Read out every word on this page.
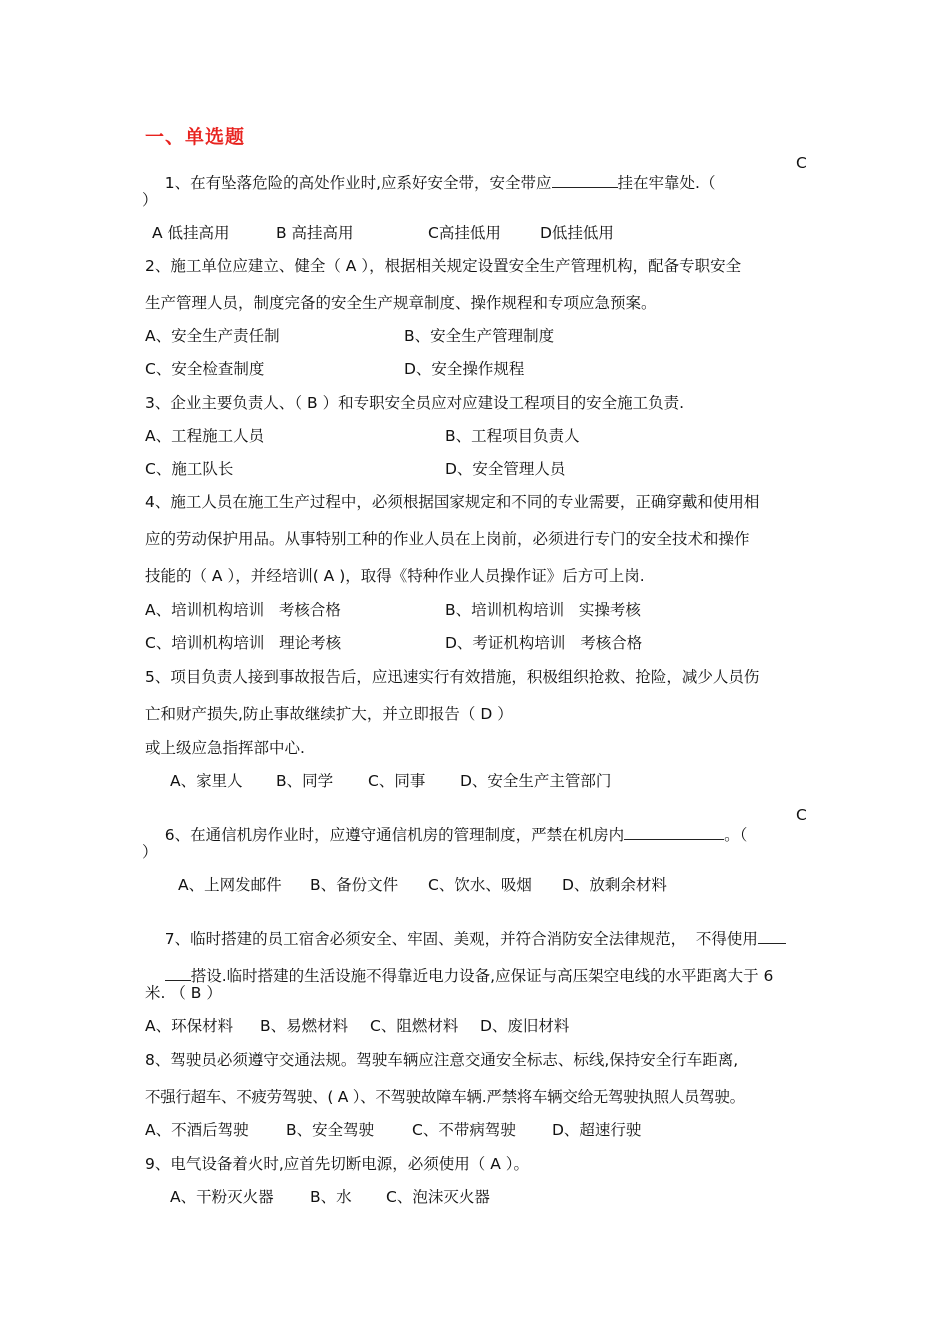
一、单选题

1、在有坠落危险的高处作业时,应系好安全带，安全带应	挂在牢靠处.（

C
）
A 低挂高用	B 高挂高用	C高挂低用	D低挂低用
2、施工单位应建立、健全（ A ），根据相关规定设置安全生产管理机构，配备专职安全
生产管理人员，制度完备的安全生产规章制度、操作规程和专项应急预案。
A、安全生产责任制	B、安全生产管理制度
C、安全检查制度	D、安全操作规程
3、企业主要负责人、（ B ）和专职安全员应对应建设工程项目的安全施工负责.
A、工程施工人员	B、工程项目负责人
C、施工队长	D、安全管理人员
4、施工人员在施工生产过程中，必须根据国家规定和不同的专业需要，正确穿戴和使用相
应的劳动保护用品。从事特别工种的作业人员在上岗前，必须进行专门的安全技术和操作
技能的（ A ），并经培训( A )，取得《特种作业人员操作证》后方可上岗.
A、培训机构培训   考核合格	B、培训机构培训   实操考核
C、培训机构培训   理论考核	D、考证机构培训   考核合格
5、项目负责人接到事故报告后，应迅速实行有效措施，积极组织抢救、抢险，减少人员伤
亡和财产损失,防止事故继续扩大，并立即报告（ D ）
或上级应急指挥部中心.
A、家里人 B、同学 C、同事 D、安全生产主管部门

6、在通信机房作业时，应遵守通信机房的管理制度，严禁在机房内	。（

C
）
A、上网发邮件 B、备份文件 C、饮水、吸烟 D、放剩余材料

7、临时搭建的员工宿舍必须安全、牢固、美观，并符合消防安全法律规范，  不得使用

搭设.临时搭建的生活设施不得靠近电力设备,应保证与高压架空电线的水平距离大于 6

米. （ B ）
A、环保材料 B、易燃材料 C、阻燃材料 D、废旧材料
8、驾驶员必须遵守交通法规。驾驶车辆应注意交通安全标志、标线,保持安全行车距离,
不强行超车、不疲劳驾驶、( A ）、不驾驶故障车辆.严禁将车辆交给无驾驶执照人员驾驶。
A、不酒后驾驶 B、安全驾驶 C、不带病驾驶 D、超速行驶
9、电气设备着火时,应首先切断电源，必须使用（ A ）。
A、干粉灭火器 B、水 C、泡沫灭火器
